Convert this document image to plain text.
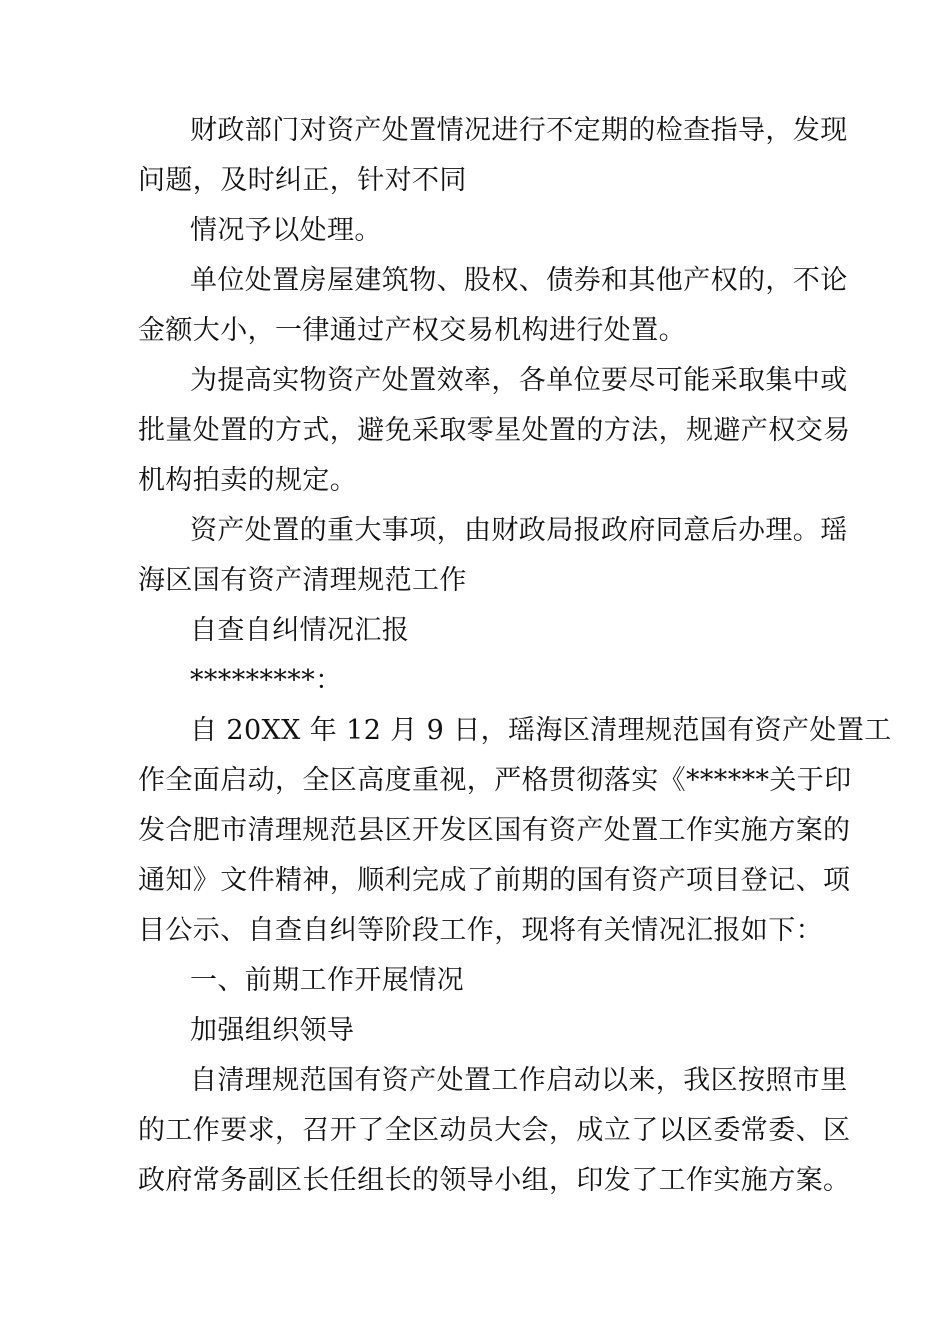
财政部门对资产处置情况进行不定期的检查指导，发现
问题，及时纠正，针对不同
情况予以处理。
单位处置房屋建筑物、股权、债券和其他产权的，不论
金额大小，一律通过产权交易机构进行处置。
为提高实物资产处置效率，各单位要尽可能采取集中或
批量处置的方式，避免采取零星处置的方法，规避产权交易
机构拍卖的规定。
资产处置的重大事项，由财政局报政府同意后办理。瑶
海区国有资产清理规范工作
自查自纠情况汇报
*********：
自 20XX 年 12 月 9 日，瑶海区清理规范国有资产处置工
作全面启动，全区高度重视，严格贯彻落实《******关于印
发合肥市清理规范县区开发区国有资产处置工作实施方案的
通知》文件精神，顺利完成了前期的国有资产项目登记、项
目公示、自查自纠等阶段工作，现将有关情况汇报如下：
一、前期工作开展情况
加强组织领导
自清理规范国有资产处置工作启动以来，我区按照市里
的工作要求，召开了全区动员大会，成立了以区委常委、区
政府常务副区长任组长的领导小组，印发了工作实施方案。
